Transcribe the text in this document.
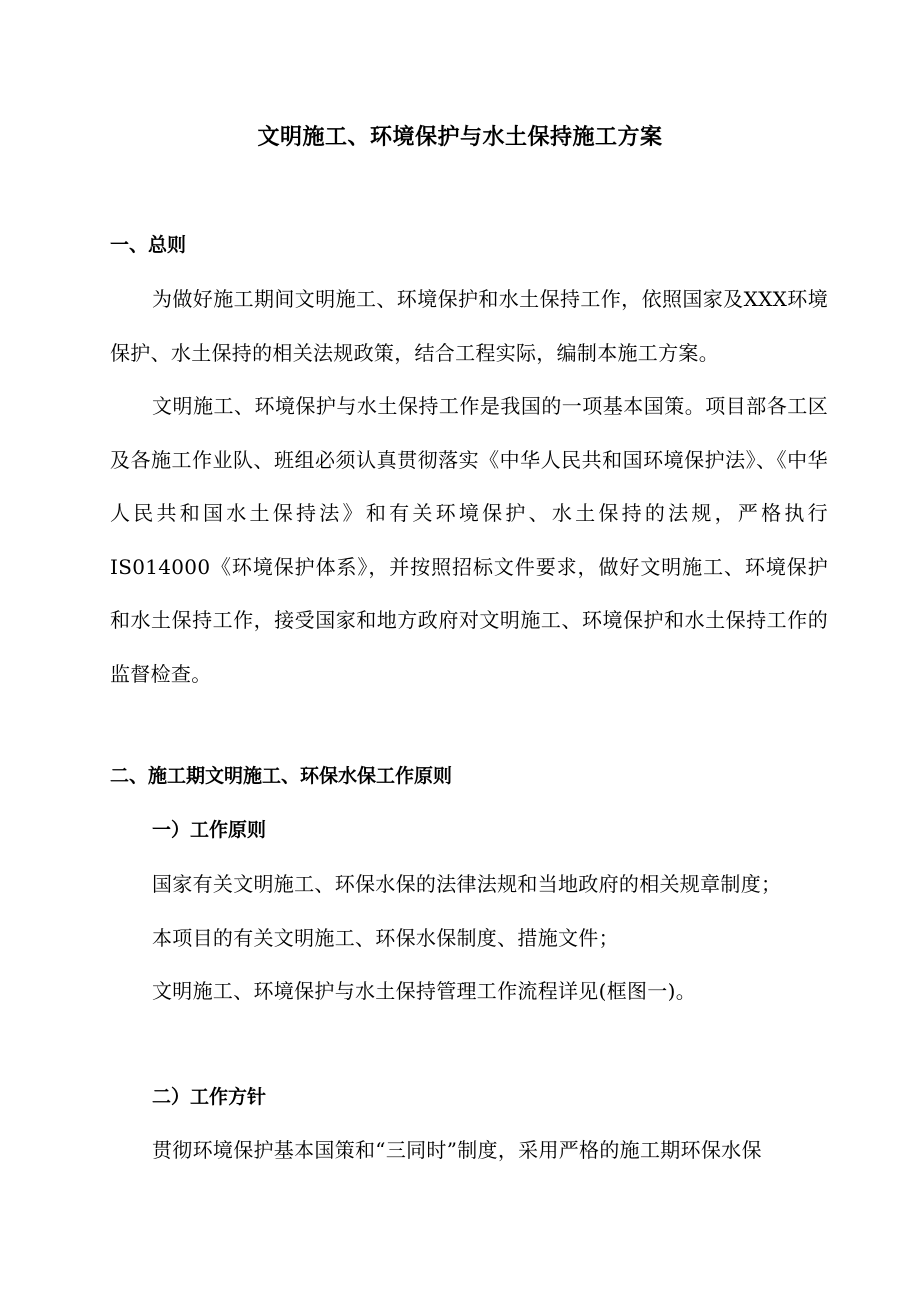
文明施工、环境保护与水土保持施工方案
一、总则

为做好施工期间文明施工、环境保护和水土保持工作，依照国家及XXX环境保护、水土保持的相关法规政策，结合工程实际，编制本施工方案。

文明施工、环境保护与水土保持工作是我国的一项基本国策。项目部各工区及各施工作业队、班组必须认真贯彻落实《中华人民共和国环境保护法》、《中华人民共和国水土保持法》和有关环境保护、水土保持的法规，严格执行IS014000《环境保护体系》，并按照招标文件要求，做好文明施工、环境保护和水土保持工作，接受国家和地方政府对文明施工、环境保护和水土保持工作的监督检查。

二、施工期文明施工、环保水保工作原则
一）工作原则
国家有关文明施工、环保水保的法律法规和当地政府的相关规章制度；
本项目的有关文明施工、环保水保制度、措施文件；
文明施工、环境保护与水土保持管理工作流程详见(框图一)。
二）工作方针
贯彻环境保护基本国策和“三同时”制度，采用严格的施工期环保水保
